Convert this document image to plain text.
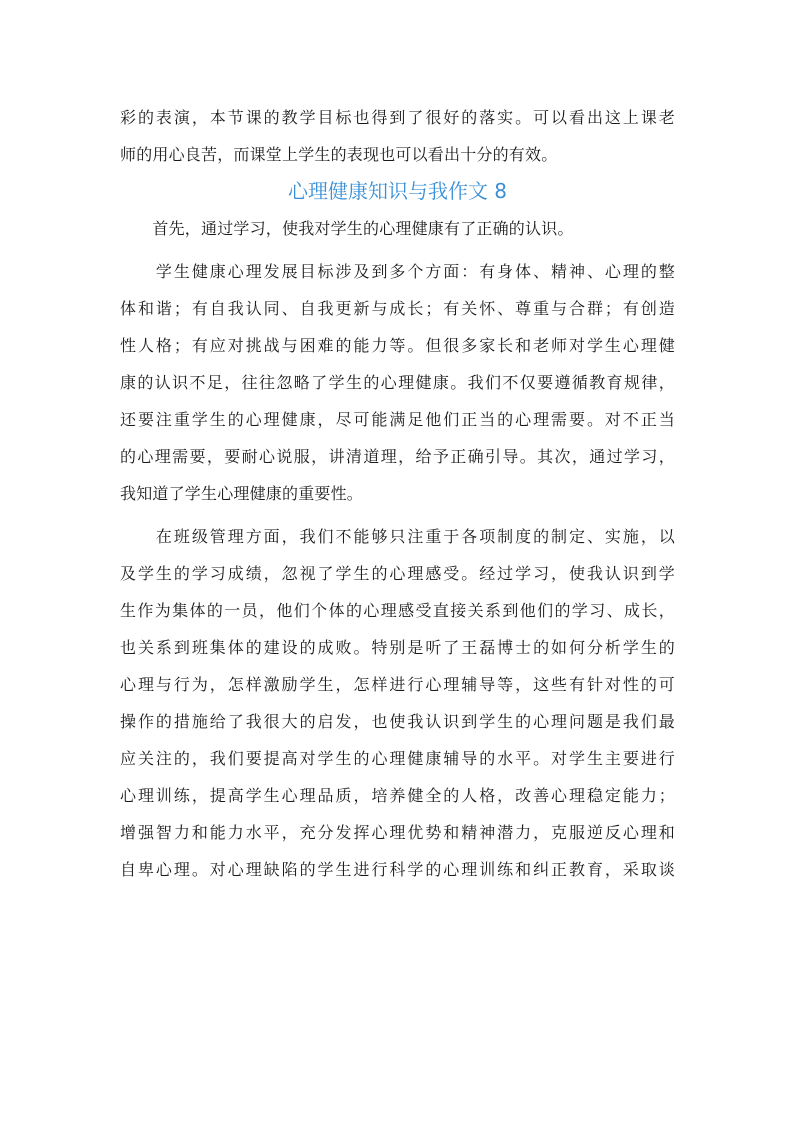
彩的表演，本节课的教学目标也得到了很好的落实。可以看出这上课老
师的用心良苦，而课堂上学生的表现也可以看出十分的有效。
心理健康知识与我作文 8
　　首先，通过学习，使我对学生的心理健康有了正确的认识。
　　学生健康心理发展目标涉及到多个方面：有身体、精神、心理的整
体和谐；有自我认同、自我更新与成长；有关怀、尊重与合群；有创造
性人格；有应对挑战与困难的能力等。但很多家长和老师对学生心理健
康的认识不足，往往忽略了学生的心理健康。我们不仅要遵循教育规律，
还要注重学生的心理健康，尽可能满足他们正当的心理需要。对不正当
的心理需要，要耐心说服，讲清道理，给予正确引导。其次，通过学习，
我知道了学生心理健康的重要性。
　　在班级管理方面，我们不能够只注重于各项制度的制定、实施，以
及学生的学习成绩，忽视了学生的心理感受。经过学习，使我认识到学
生作为集体的一员，他们个体的心理感受直接关系到他们的学习、成长，
也关系到班集体的建设的成败。特别是听了王磊博士的如何分析学生的
心理与行为，怎样激励学生，怎样进行心理辅导等，这些有针对性的可
操作的措施给了我很大的启发，也使我认识到学生的心理问题是我们最
应关注的，我们要提高对学生的心理健康辅导的水平。对学生主要进行
心理训练，提高学生心理品质，培养健全的人格，改善心理稳定能力；
增强智力和能力水平，充分发挥心理优势和精神潜力，克服逆反心理和
自卑心理。对心理缺陷的学生进行科学的心理训练和纠正教育，采取谈
